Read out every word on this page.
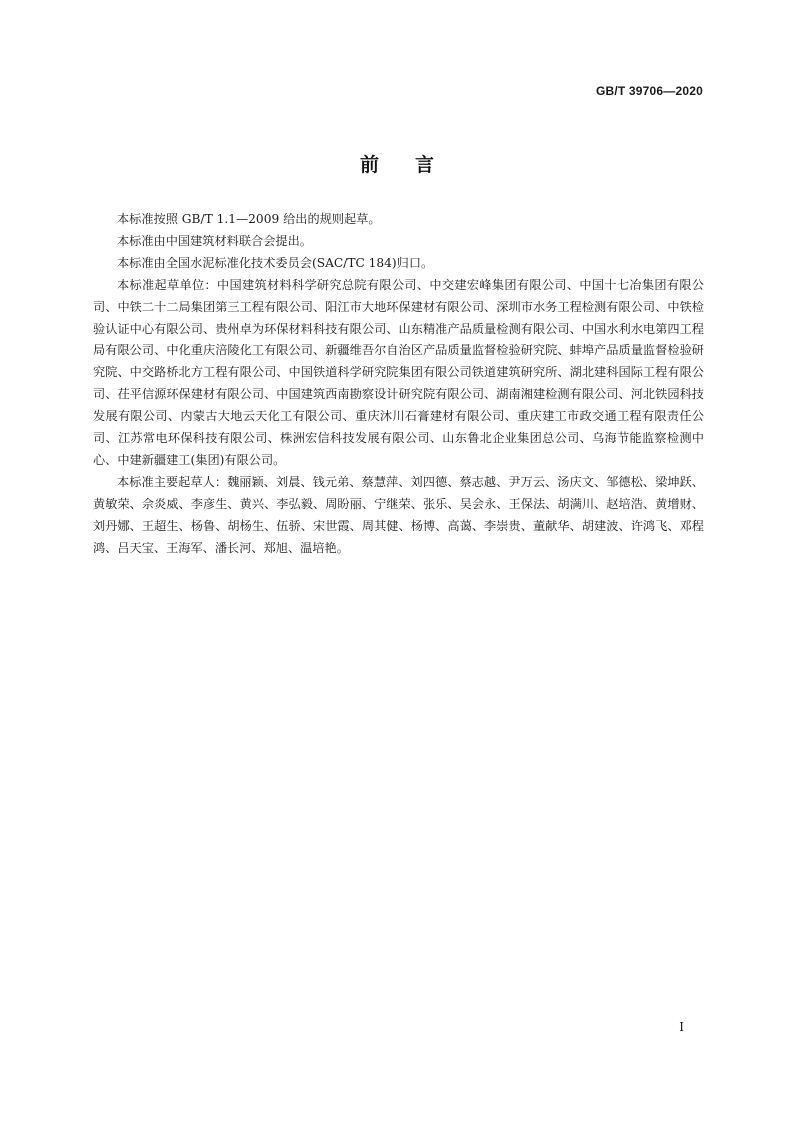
GB/T 39706—2020
前言

本标准按照 GB/T 1.1—2009 给出的规则起草。

本标准由中国建筑材料联合会提出。

本标准由全国水泥标准化技术委员会(SAC/TC 184)归口。

本标准起草单位：中国建筑材料科学研究总院有限公司、中交建宏峰集团有限公司、中国十七冶集团有限公司、中铁二十二局集团第三工程有限公司、阳江市大地环保建材有限公司、深圳市水务工程检测有限公司、中铁检验认证中心有限公司、贵州卓为环保材料科技有限公司、山东精准产品质量检测有限公司、中国水利水电第四工程局有限公司、中化重庆涪陵化工有限公司、新疆维吾尔自治区产品质量监督检验研究院、蚌埠产品质量监督检验研究院、中交路桥北方工程有限公司、中国铁道科学研究院集团有限公司铁道建筑研究所、湖北建科国际工程有限公司、茌平信源环保建材有限公司、中国建筑西南勘察设计研究院有限公司、湖南湘建检测有限公司、河北铁园科技发展有限公司、内蒙古大地云天化工有限公司、重庆沐川石膏建材有限公司、重庆建工市政交通工程有限责任公司、江苏常电环保科技有限公司、株洲宏信科技发展有限公司、山东鲁北企业集团总公司、乌海节能监察检测中心、中建新疆建工(集团)有限公司。

本标准主要起草人：魏丽颖、刘晨、钱元弟、蔡慧萍、刘四德、蔡志越、尹万云、汤庆文、邹德松、梁坤跃、黄敏荣、佘炎威、李彦生、黄兴、李弘毅、周盼丽、宁继荣、张乐、吴会永、王保法、胡满川、赵培浩、黄增财、刘丹娜、王超生、杨鲁、胡杨生、伍骄、宋世霞、周其健、杨博、高蔼、李崇贵、董献华、胡建波、许鸿飞、邓程鸿、吕天宝、王海军、潘长河、郑旭、温培艳。

I
